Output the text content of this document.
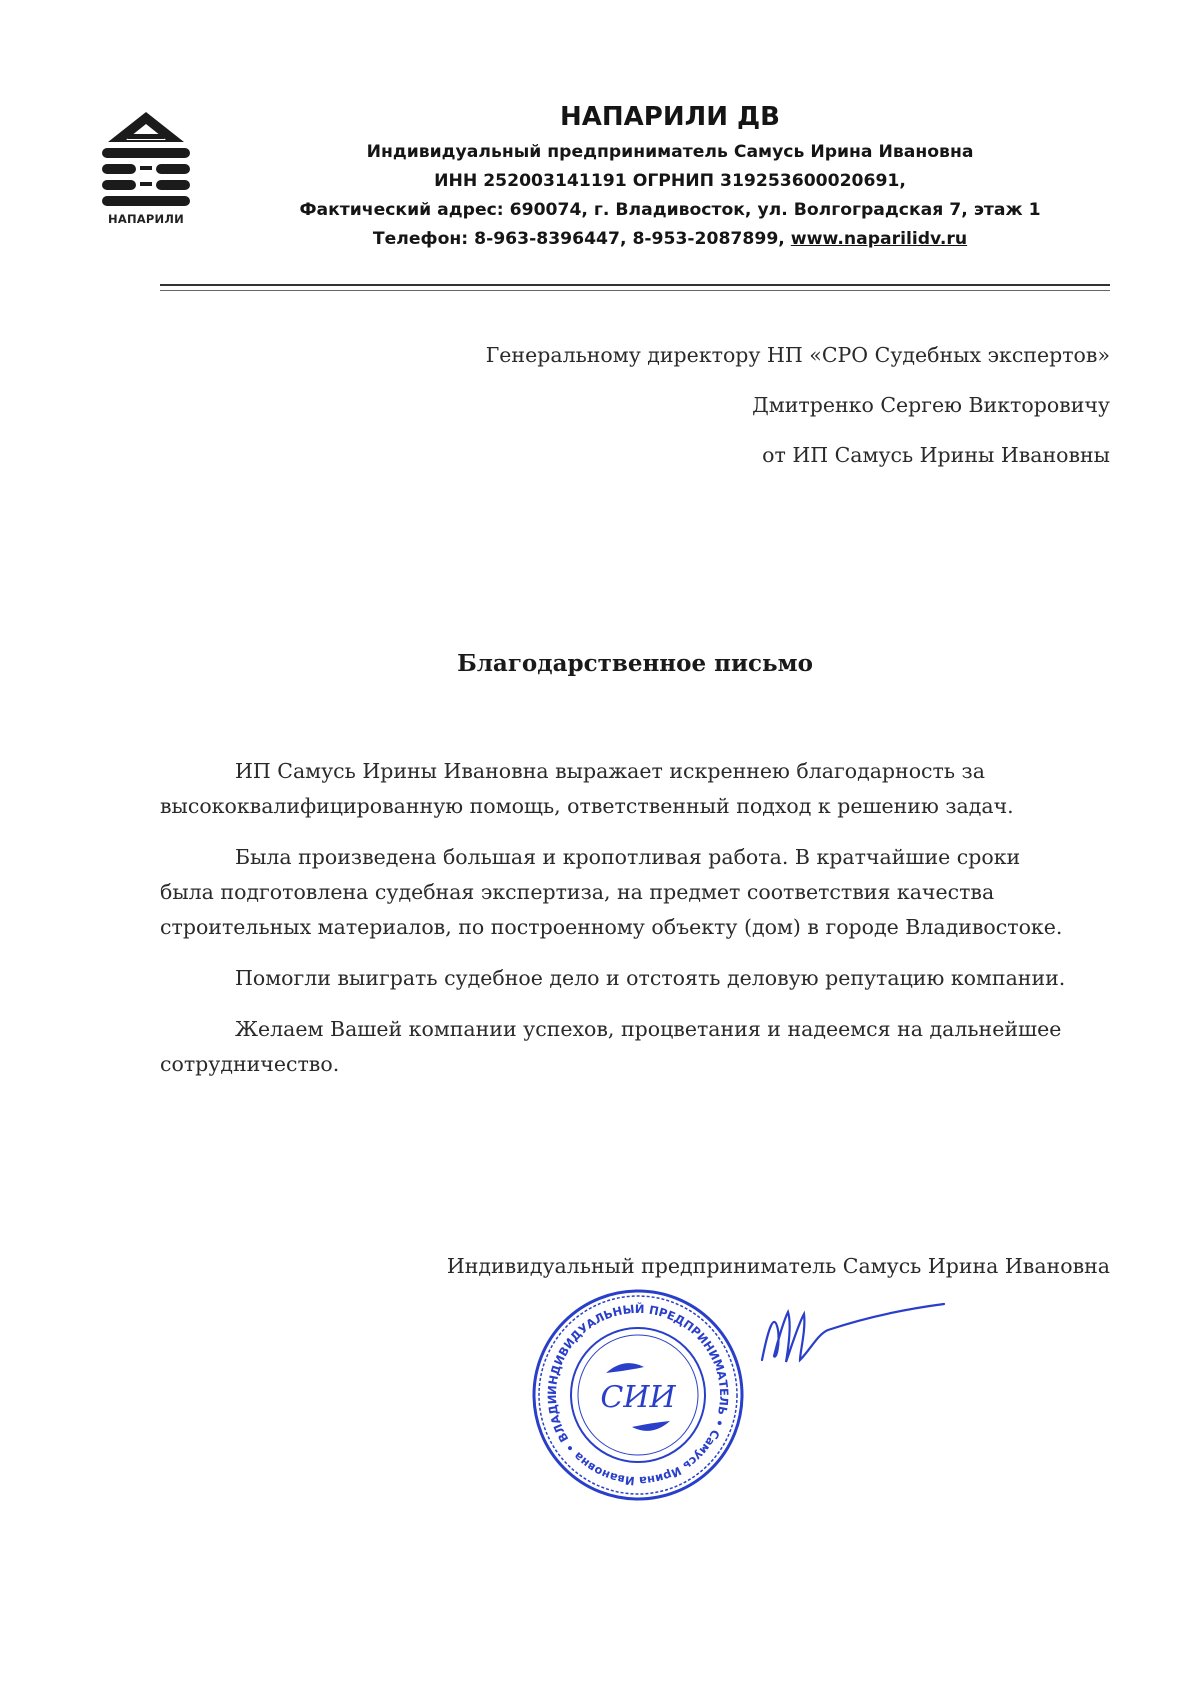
НАПАРИЛИ
НАПАРИЛИ ДВ
Индивидуальный предприниматель Самусь Ирина Ивановна
ИНН 252003141191 ОГРНИП 319253600020691,
Фактический адрес: 690074, г. Владивосток, ул. Волгоградская 7, этаж 1
Телефон: 8-963-8396447, 8-953-2087899, www.naparilidv.ru
Генеральному директору НП «СРО Судебных экспертов»
Дмитренко Сергею Викторовичу
от ИП Самусь Ирины Ивановны
Благодарственное письмо

ИП Самусь Ирины Ивановна выражает искреннею благодарность за
высококвалифицированную помощь, ответственный подход к решению задач.

Была произведена большая и кропотливая работа. В кратчайшие сроки
была подготовлена судебная экспертиза, на предмет соответствия качества
строительных материалов, по построенному объекту (дом) в городе Владивостоке.

Помогли выиграть судебное дело и отстоять деловую репутацию компании.

Желаем Вашей компании успехов, процветания и надеемся на дальнейшее
сотрудничество.

Индивидуальный предприниматель Самусь Ирина Ивановна
ИНДИВИДУАЛЬНЫЙ ПРЕДПРИНИМАТЕЛЬ • Самусь Ирина Ивановна • ВЛАДИ	СИИ
